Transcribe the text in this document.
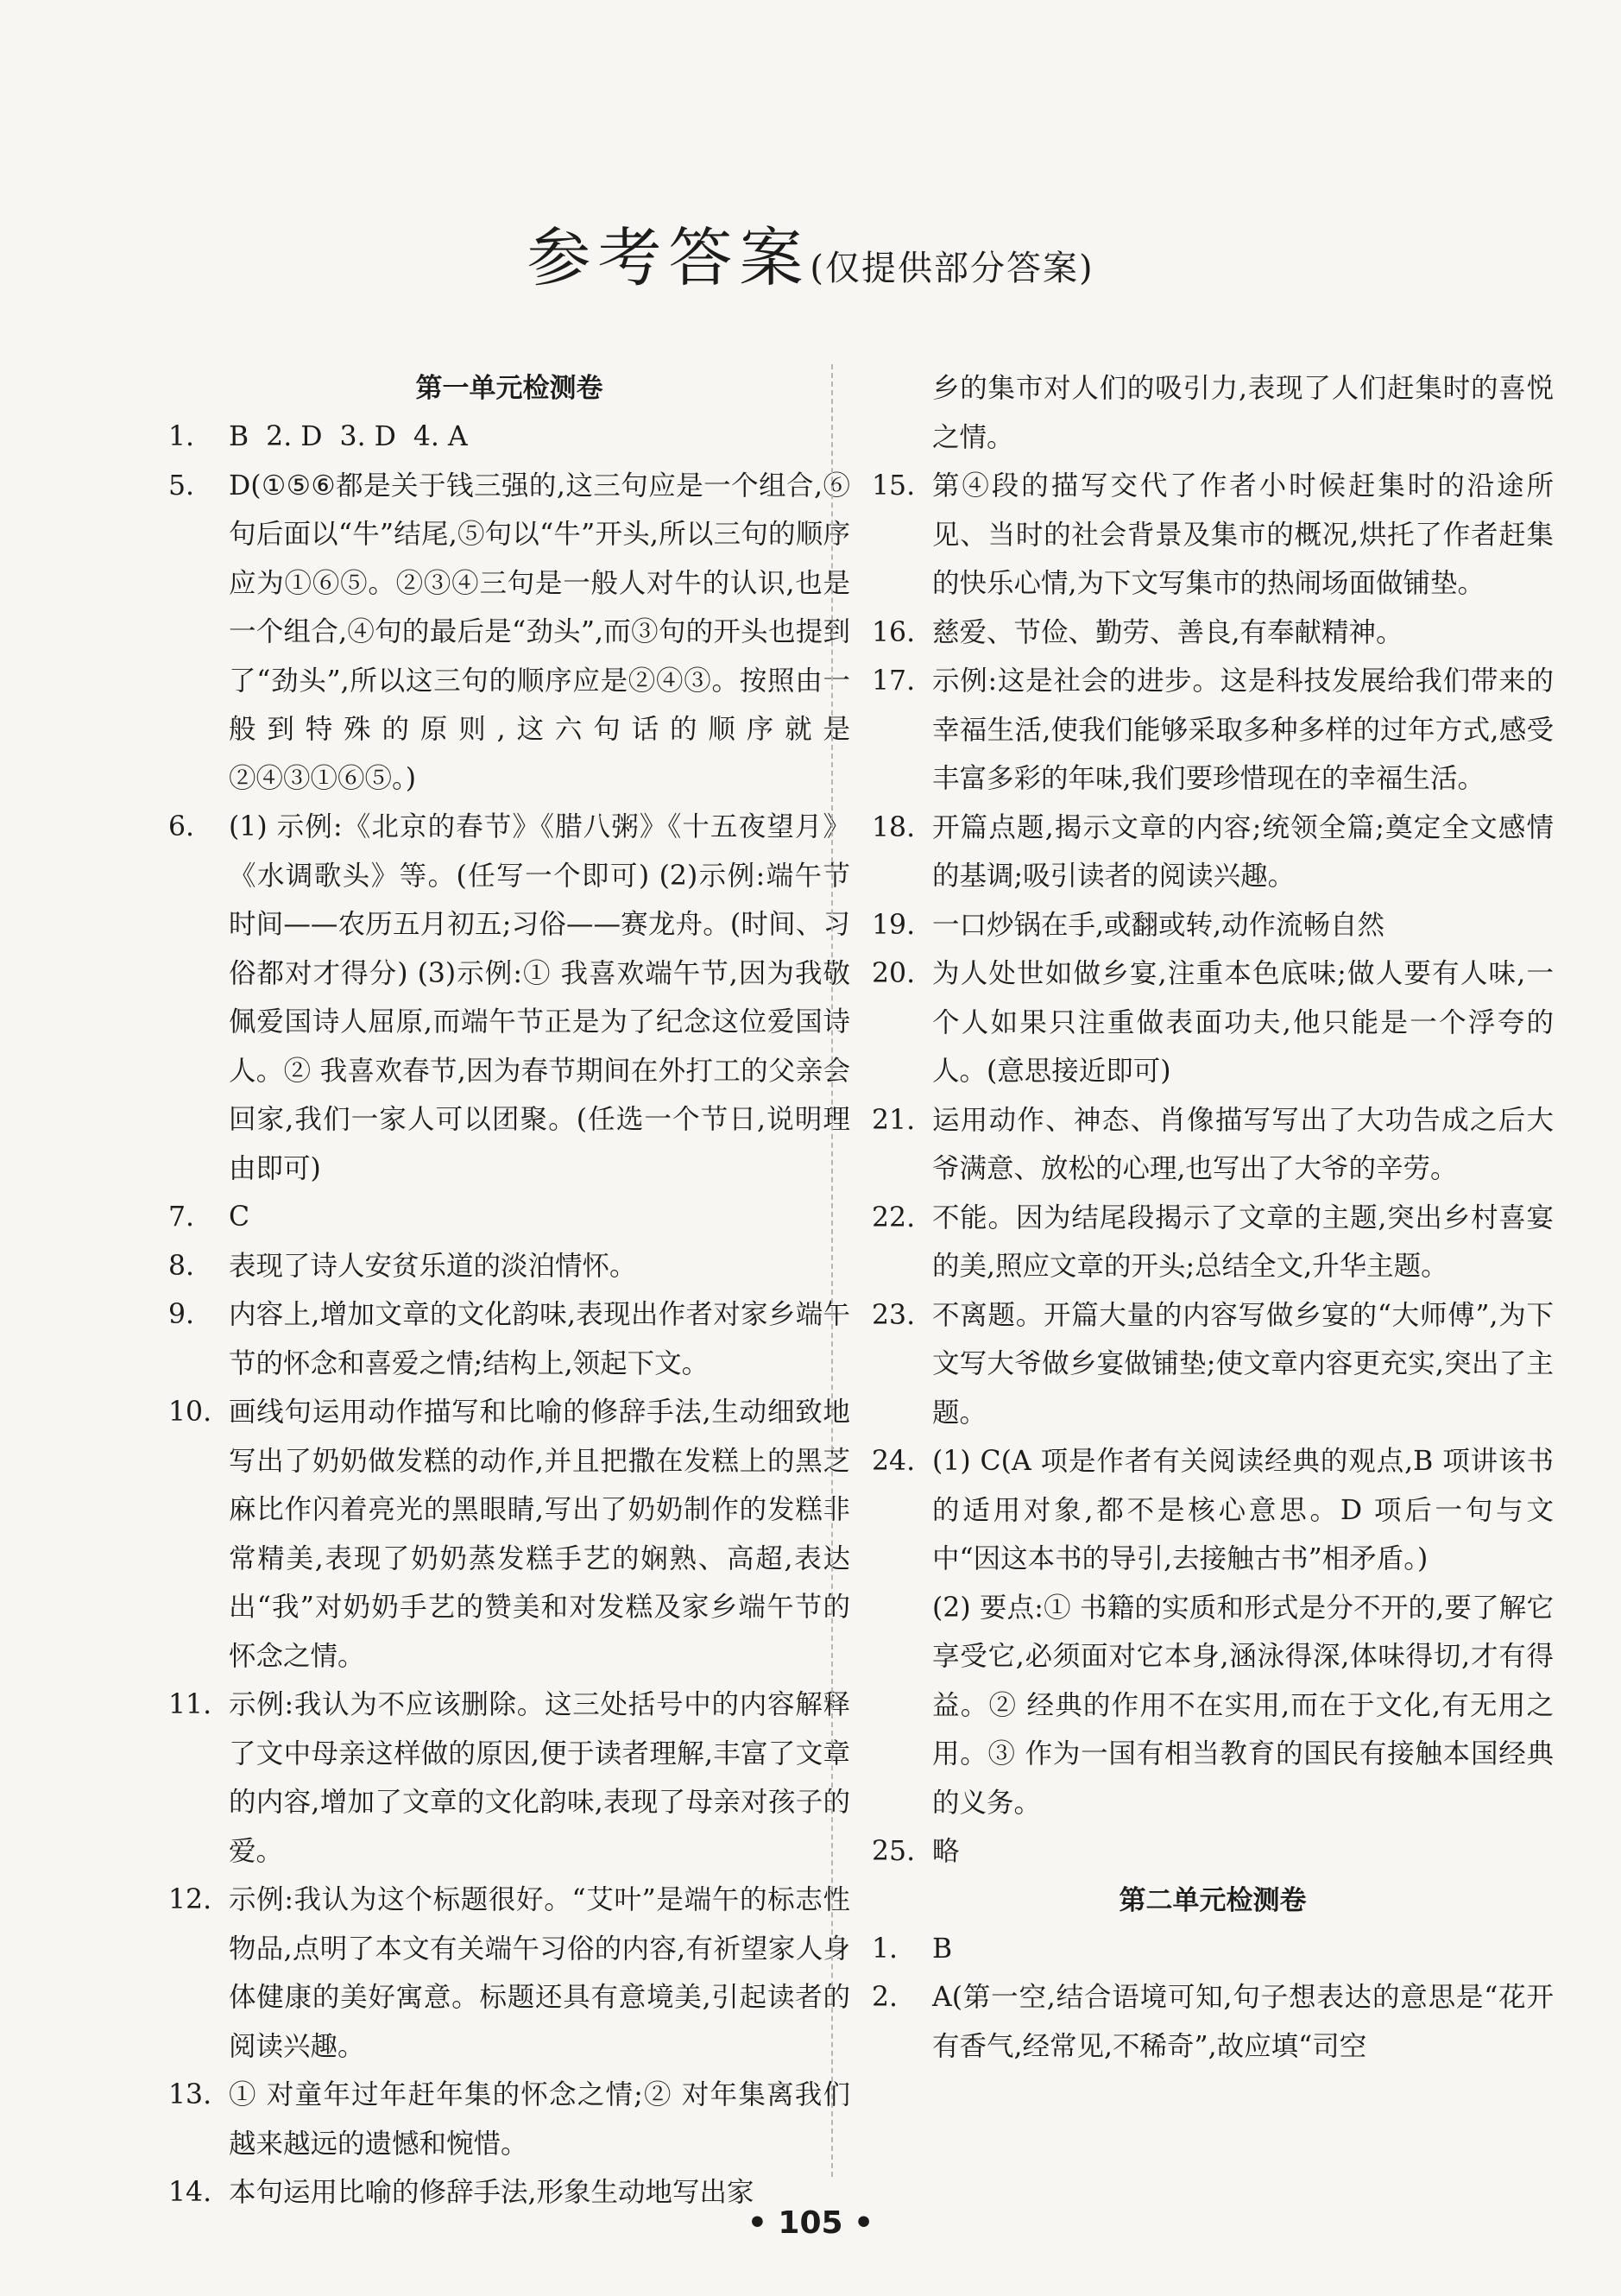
参考答案(仅提供部分答案)
第一单元检测卷
1.	B  2. D  3. D  4. A
5.	D(①⑤⑥都是关于钱三强的,这三句应是一个组合,⑥句后面以“牛”结尾,⑤句以“牛”开头,所以三句的顺序应为①⑥⑤。②③④三句是一般人对牛的认识,也是一个组合,④句的最后是“劲头”,而③句的开头也提到了“劲头”,所以这三句的顺序应是②④③。按照由一般到特殊的原则,这六句话的顺序就是②④③①⑥⑤。)
6.	(1) 示例:《北京的春节》《腊八粥》《十五夜望月》《水调歌头》等。(任写一个即可) (2)示例:端午节 时间——农历五月初五;习俗——赛龙舟。(时间、习俗都对才得分) (3)示例:① 我喜欢端午节,因为我敬佩爱国诗人屈原,而端午节正是为了纪念这位爱国诗人。② 我喜欢春节,因为春节期间在外打工的父亲会回家,我们一家人可以团聚。(任选一个节日,说明理由即可)
7.	C
8.	表现了诗人安贫乐道的淡泊情怀。
9.	内容上,增加文章的文化韵味,表现出作者对家乡端午节的怀念和喜爱之情;结构上,领起下文。
10. 画线句运用动作描写和比喻的修辞手法,生动细致地写出了奶奶做发糕的动作,并且把撒在发糕上的黑芝麻比作闪着亮光的黑眼睛,写出了奶奶制作的发糕非常精美,表现了奶奶蒸发糕手艺的娴熟、高超,表达出“我”对奶奶手艺的赞美和对发糕及家乡端午节的怀念之情。
11. 示例:我认为不应该删除。这三处括号中的内容解释了文中母亲这样做的原因,便于读者理解,丰富了文章的内容,增加了文章的文化韵味,表现了母亲对孩子的爱。
12. 示例:我认为这个标题很好。“艾叶”是端午的标志性物品,点明了本文有关端午习俗的内容,有祈望家人身体健康的美好寓意。标题还具有意境美,引起读者的阅读兴趣。
13. ① 对童年过年赶年集的怀念之情;② 对年集离我们越来越远的遗憾和惋惜。
14. 本句运用比喻的修辞手法,形象生动地写出家
乡的集市对人们的吸引力,表现了人们赶集时的喜悦之情。
15. 第④段的描写交代了作者小时候赶集时的沿途所见、当时的社会背景及集市的概况,烘托了作者赶集的快乐心情,为下文写集市的热闹场面做铺垫。
16. 慈爱、节俭、勤劳、善良,有奉献精神。
17. 示例:这是社会的进步。这是科技发展给我们带来的幸福生活,使我们能够采取多种多样的过年方式,感受丰富多彩的年味,我们要珍惜现在的幸福生活。
18. 开篇点题,揭示文章的内容;统领全篇;奠定全文感情的基调;吸引读者的阅读兴趣。
19. 一口炒锅在手,或翻或转,动作流畅自然
20. 为人处世如做乡宴,注重本色底味;做人要有人味,一个人如果只注重做表面功夫,他只能是一个浮夸的人。(意思接近即可)
21. 运用动作、神态、肖像描写写出了大功告成之后大爷满意、放松的心理,也写出了大爷的辛劳。
22. 不能。因为结尾段揭示了文章的主题,突出乡村喜宴的美,照应文章的开头;总结全文,升华主题。
23. 不离题。开篇大量的内容写做乡宴的“大师傅”,为下文写大爷做乡宴做铺垫;使文章内容更充实,突出了主题。
24. (1) C(A 项是作者有关阅读经典的观点,B 项讲该书的适用对象,都不是核心意思。D 项后一句与文中“因这本书的导引,去接触古书”相矛盾。)
(2) 要点:① 书籍的实质和形式是分不开的,要了解它享受它,必须面对它本身,涵泳得深,体味得切,才有得益。② 经典的作用不在实用,而在于文化,有无用之用。③ 作为一国有相当教育的国民有接触本国经典的义务。
25. 略
第二单元检测卷
1.	B
2.	A(第一空,结合语境可知,句子想表达的意思是“花开有香气,经常见,不稀奇”,故应填“司空
• 105 •
